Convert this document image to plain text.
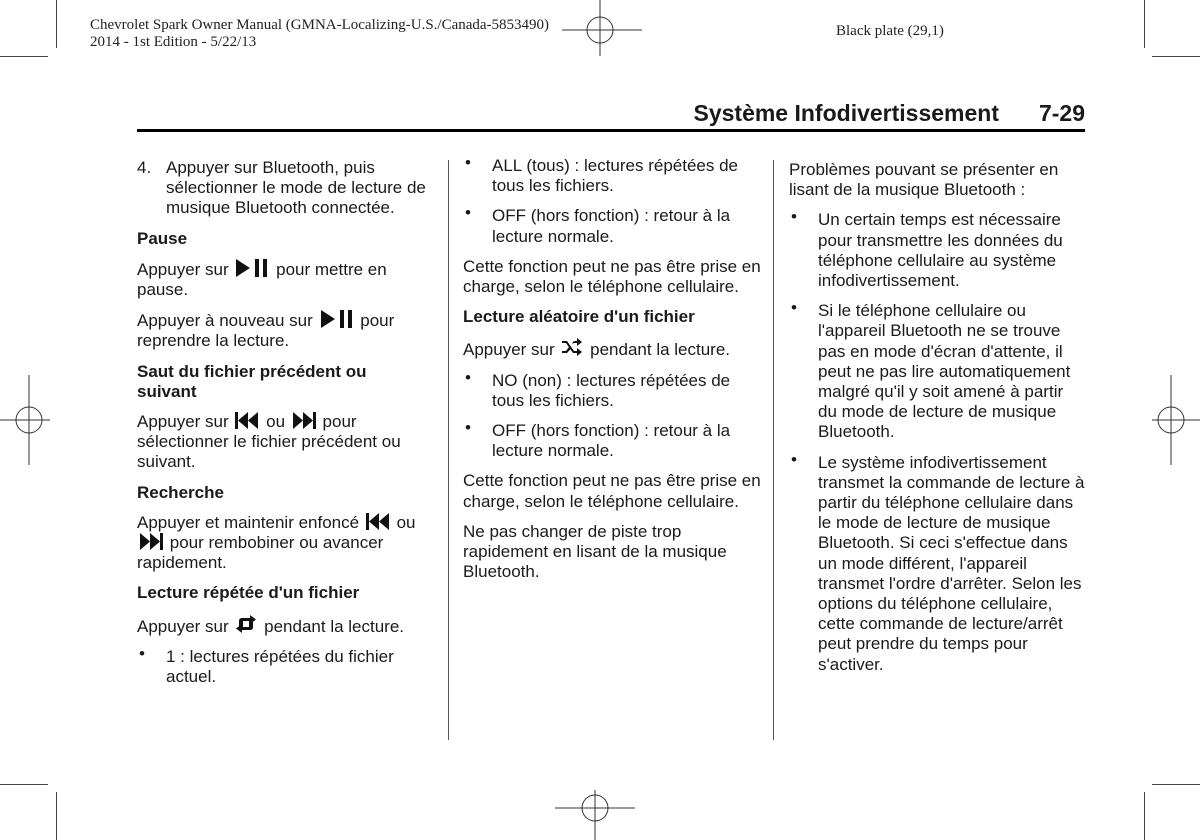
Chevrolet Spark Owner Manual (GMNA-Localizing-U.S./Canada-5853490)
2014 - 1st Edition - 5/22/13
Black plate (29,1)
Système Infodivertissement 7-29
4. Appuyer sur Bluetooth, puis sélectionner le mode de lecture de musique Bluetooth connectée.
Pause

Appuyer sur	pour mettre en pause.

Appuyer à nouveau sur	pour reprendre la lecture.

Saut du fichier précédent ou suivant

Appuyer sur ou pour sélectionner le fichier précédent ou suivant.

Recherche

Appuyer et maintenir enfoncé ou  pour rembobiner ou avancer rapidement.

Lecture répétée d'un fichier

Appuyer sur pendant la lecture.

• 1 : lectures répétées du fichier actuel.
• ALL (tous) : lectures répétées de tous les fichiers.
• OFF (hors fonction) : retour à la lecture normale.

Cette fonction peut ne pas être prise en charge, selon le téléphone cellulaire.

Lecture aléatoire d'un fichier

Appuyer sur pendant la lecture.

• NO (non) : lectures répétées de tous les fichiers.
• OFF (hors fonction) : retour à la lecture normale.

Cette fonction peut ne pas être prise en charge, selon le téléphone cellulaire.

Ne pas changer de piste trop rapidement en lisant de la musique Bluetooth.

Problèmes pouvant se présenter en lisant de la musique Bluetooth :

• Un certain temps est nécessaire pour transmettre les données du téléphone cellulaire au système infodivertissement.
• Si le téléphone cellulaire ou l'appareil Bluetooth ne se trouve pas en mode d'écran d'attente, il peut ne pas lire automatiquement malgré qu'il y soit amené à partir du mode de lecture de musique Bluetooth.
• Le système infodivertissement transmet la commande de lecture à partir du téléphone cellulaire dans le mode de lecture de musique Bluetooth. Si ceci s'effectue dans un mode différent, l'appareil transmet l'ordre d'arrêter. Selon les options du téléphone cellulaire, cette commande de lecture/arrêt peut prendre du temps pour s'activer.
